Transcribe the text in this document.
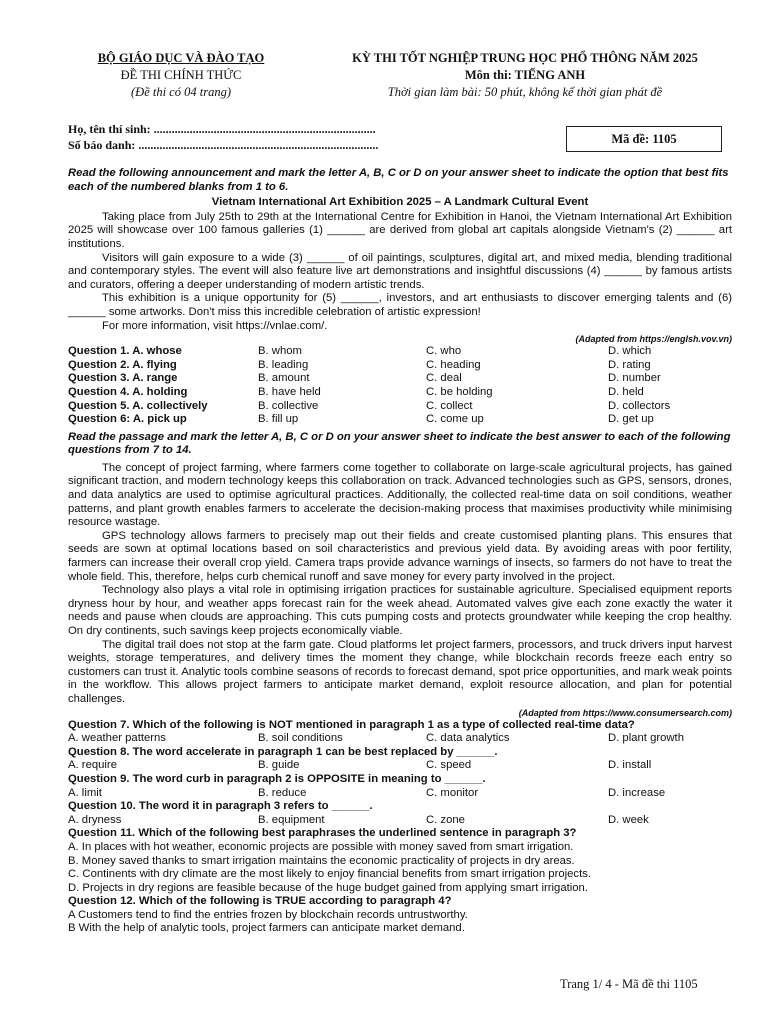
BỘ GIÁO DỤC VÀ ĐÀO TẠO
ĐỀ THI CHÍNH THỨC
(Đề thi có 04 trang)
KỲ THI TỐT NGHIỆP TRUNG HỌC PHỔ THÔNG NĂM 2025
Môn thi: TIẾNG ANH
Thời gian làm bài: 50 phút, không kể thời gian phát đề
Họ, tên thí sinh: ..........................................................................
Số báo danh: ................................................................................	Mã đề: 1105

Read the following announcement and mark the letter A, B, C or D on your answer sheet to indicate the option that best fits each of the numbered blanks from 1 to 6.

Vietnam International Art Exhibition 2025 – A Landmark Cultural Event

Taking place from July 25th to 29th at the International Centre for Exhibition in Hanoi, the Vietnam International Art Exhibition 2025 will showcase over 100 famous galleries (1) ______ are derived from global art capitals alongside Vietnam's (2) ______ art institutions.

Visitors will gain exposure to a wide (3) ______ of oil paintings, sculptures, digital art, and mixed media, blending traditional and contemporary styles. The event will also feature live art demonstrations and insightful discussions (4) ______ by famous artists and curators, offering a deeper understanding of modern artistic trends.

This exhibition is a unique opportunity for (5) ______, investors, and art enthusiasts to discover emerging talents and (6) ______ some artworks. Don't miss this incredible celebration of artistic expression!

For more information, visit https://vnlae.com/.

(Adapted from https://englsh.vov.vn)

Question 1. A. whose	B. whom	C. who	D. which
Question 2. A. flying	B. leading	C. heading	D. rating
Question 3. A. range	B. amount	C. deal	D. number
Question 4. A. holding	B. have held	C. be holding	D. held
Question 5. A. collectively	B. collective	C. collect	D. collectors
Question 6: A. pick up	B. fill up	C. come up	D. get up

Read the passage and mark the letter A, B, C or D on your answer sheet to indicate the best answer to each of the following questions from 7 to 14.

The concept of project farming, where farmers come together to collaborate on large-scale agricultural projects, has gained significant traction, and modern technology keeps this collaboration on track. Advanced technologies such as GPS, sensors, drones, and data analytics are used to optimise agricultural practices. Additionally, the collected real-time data on soil conditions, weather patterns, and plant growth enables farmers to accelerate the decision-making process that maximises productivity while minimising resource wastage.

GPS technology allows farmers to precisely map out their fields and create customised planting plans. This ensures that seeds are sown at optimal locations based on soil characteristics and previous yield data. By avoiding areas with poor fertility, farmers can increase their overall crop yield. Camera traps provide advance warnings of insects, so farmers do not have to treat the whole field. This, therefore, helps curb chemical runoff and save money for every party involved in the project.

Technology also plays a vital role in optimising irrigation practices for sustainable agriculture. Specialised equipment reports dryness hour by hour, and weather apps forecast rain for the week ahead. Automated valves give each zone exactly the water it needs and pause when clouds are approaching. This cuts pumping costs and protects groundwater while keeping the crop healthy. On dry continents, such savings keep projects economically viable.

The digital trail does not stop at the farm gate. Cloud platforms let project farmers, processors, and truck drivers input harvest weights, storage temperatures, and delivery times the moment they change, while blockchain records freeze each entry so customers can trust it. Analytic tools combine seasons of records to forecast demand, spot price opportunities, and mark weak points in the workflow. This allows project farmers to anticipate market demand, exploit resource allocation, and plan for potential challenges.

(Adapted from https://www.consumersearch.com)

Question 7. Which of the following is NOT mentioned in paragraph 1 as a type of collected real-time data?

A. weather patterns	B. soil conditions	C. data analytics	D. plant growth

Question 8. The word accelerate in paragraph 1 can be best replaced by ______.

A. require	B. guide	C. speed	D. install

Question 9. The word curb in paragraph 2 is OPPOSITE in meaning to ______.

A. limit	B. reduce	C. monitor	D. increase

Question 10. The word it in paragraph 3 refers to ______.

A. dryness	B. equipment	C. zone	D. week

Question 11. Which of the following best paraphrases the underlined sentence in paragraph 3?

A. In places with hot weather, economic projects are possible with money saved from smart irrigation.

B. Money saved thanks to smart irrigation maintains the economic practicality of projects in dry areas.

C. Continents with dry climate are the most likely to enjoy financial benefits from smart irrigation projects.

D. Projects in dry regions are feasible because of the huge budget gained from applying smart irrigation.

Question 12. Which of the following is TRUE according to paragraph 4?

A Customers tend to find the entries frozen by blockchain records untrustworthy.

B With the help of analytic tools, project farmers can anticipate market demand.

Trang 1/ 4 - Mã đề thi 1105
